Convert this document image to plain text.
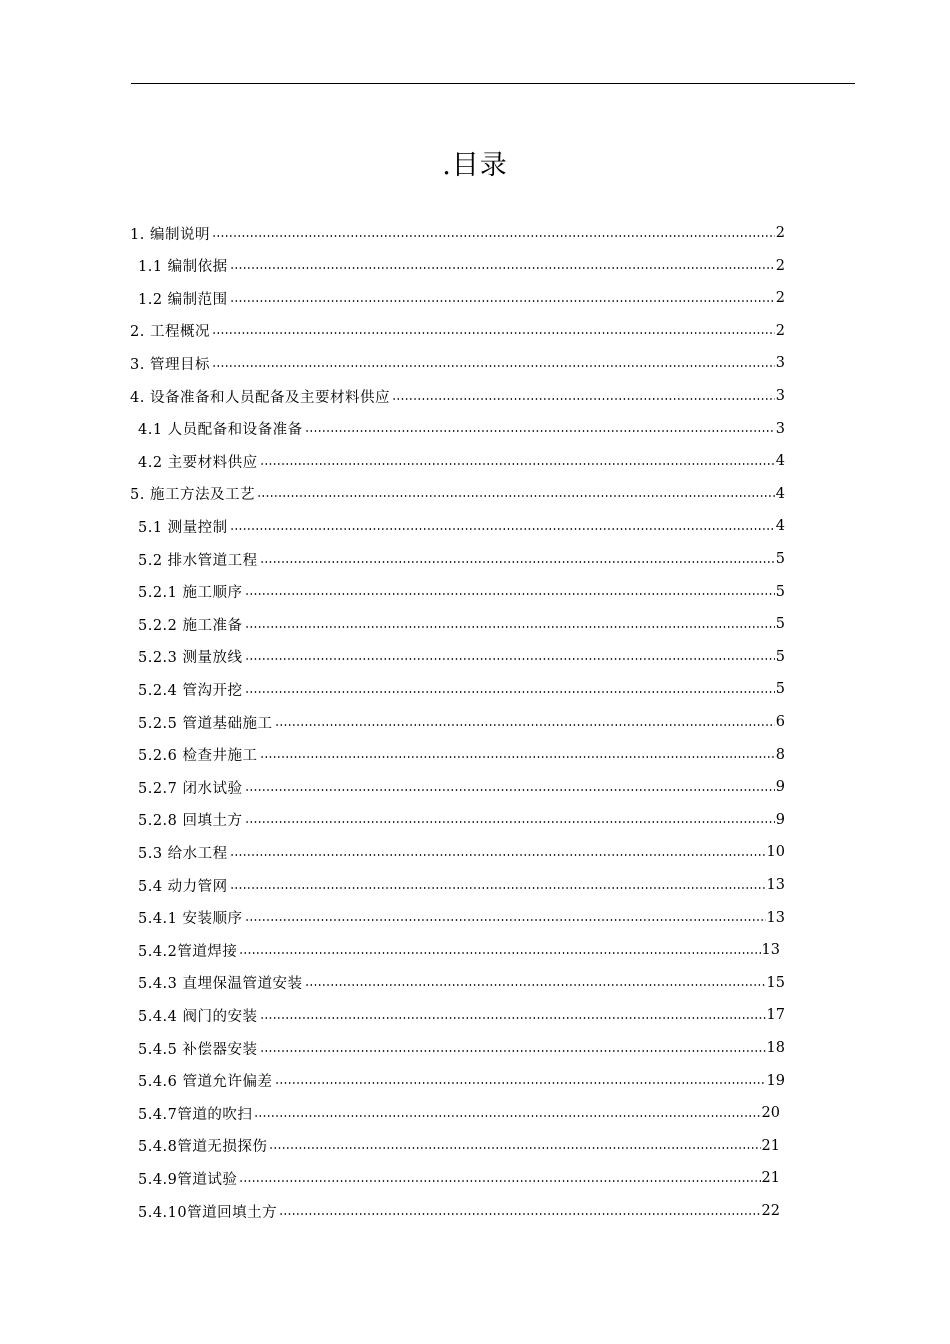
.目录
1. 编制说明	2
1.1 编制依据	2
1.2 编制范围	2
2. 工程概况	2
3. 管理目标	3
4. 设备准备和人员配备及主要材料供应	3
4.1 人员配备和设备准备	3
4.2 主要材料供应	4
5. 施工方法及工艺	4
5.1 测量控制	4
5.2 排水管道工程	5
5.2.1 施工顺序	5
5.2.2 施工准备	5
5.2.3 测量放线	5
5.2.4 管沟开挖	5
5.2.5 管道基础施工	6
5.2.6 检查井施工	8
5.2.7 闭水试验	9
5.2.8 回填土方	9
5.3 给水工程	10
5.4 动力管网	13
5.4.1 安装顺序	13
5.4.2管道焊接	13
5.4.3 直埋保温管道安装	15
5.4.4 阀门的安装	17
5.4.5 补偿器安装	18
5.4.6 管道允许偏差	19
5.4.7管道的吹扫	20
5.4.8管道无损探伤	21
5.4.9管道试验	21
5.4.10管道回填土方	22
